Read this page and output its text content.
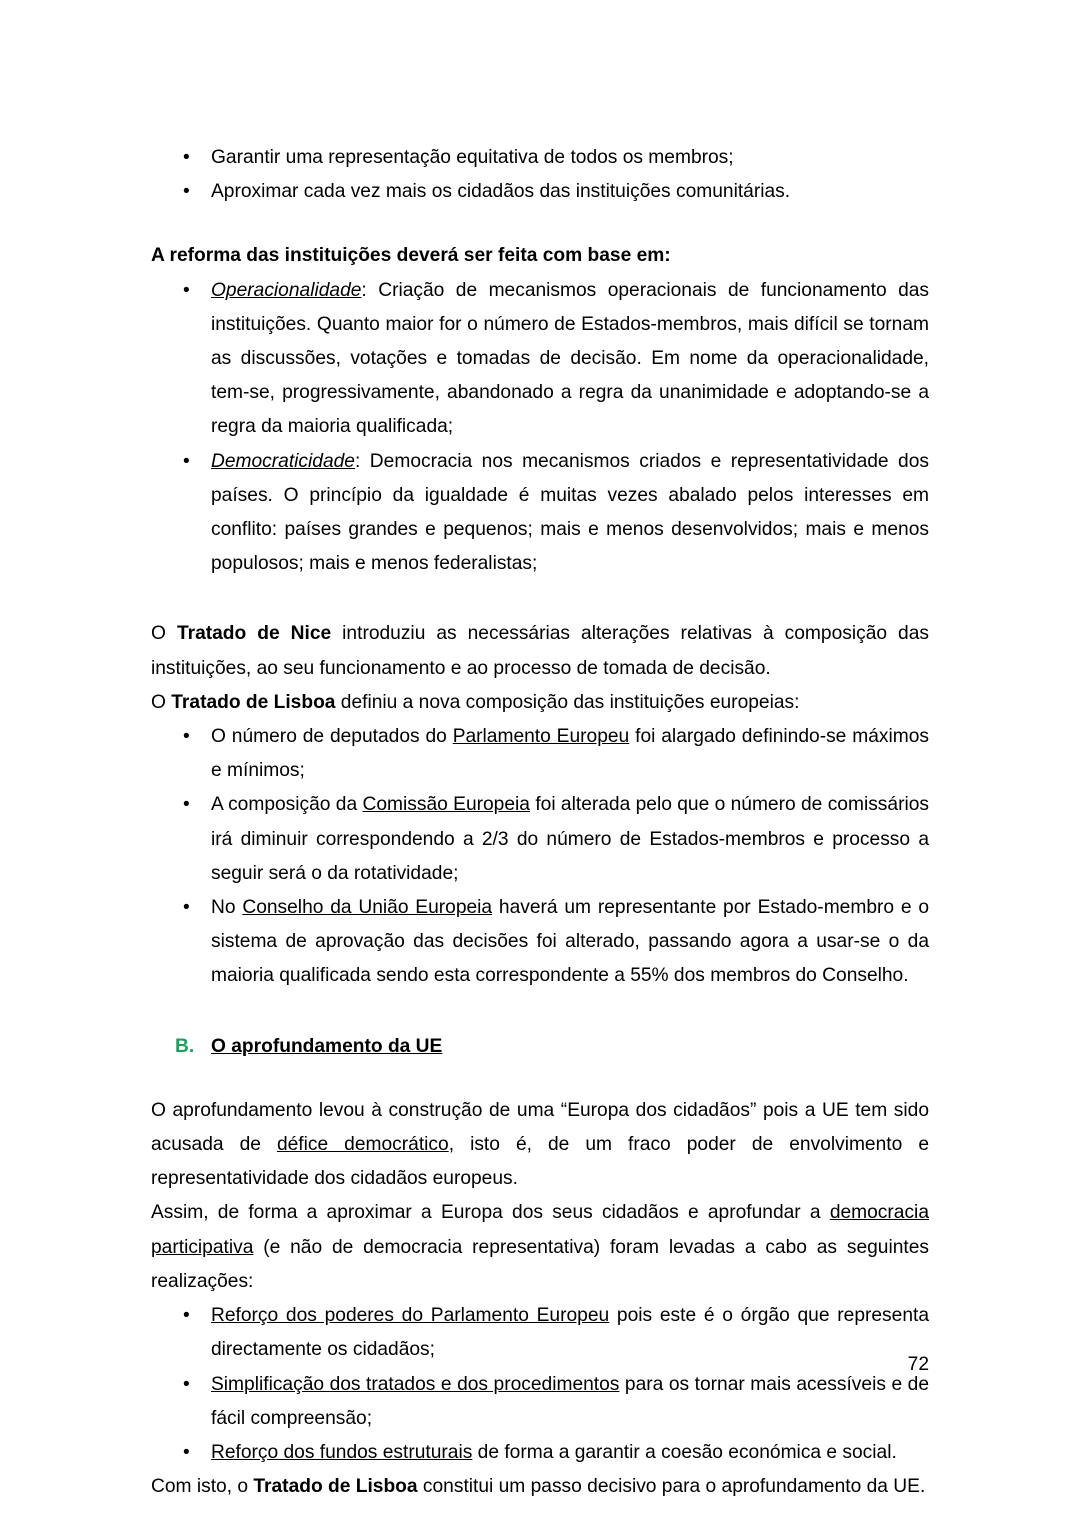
• Garantir uma representação equitativa de todos os membros;
• Aproximar cada vez mais os cidadãos das instituições comunitárias.

A reforma das instituições deverá ser feita com base em:

• Operacionalidade: Criação de mecanismos operacionais de funcionamento das instituições. Quanto maior for o número de Estados-membros, mais difícil se tornam as discussões, votações e tomadas de decisão. Em nome da operacionalidade, tem-se, progressivamente, abandonado a regra da unanimidade e adoptando-se a regra da maioria qualificada;
• Democraticidade: Democracia nos mecanismos criados e representatividade dos países. O princípio da igualdade é muitas vezes abalado pelos interesses em conflito: países grandes e pequenos; mais e menos desenvolvidos; mais e menos populosos; mais e menos federalistas;

O Tratado de Nice introduziu as necessárias alterações relativas à composição das instituições, ao seu funcionamento e ao processo de tomada de decisão.

O Tratado de Lisboa definiu a nova composição das instituições europeias:

• O número de deputados do Parlamento Europeu foi alargado definindo-se máximos e mínimos;
• A composição da Comissão Europeia foi alterada pelo que o número de comissários irá diminuir correspondendo a 2/3 do número de Estados-membros e processo a seguir será o da rotatividade;
• No Conselho da União Europeia haverá um representante por Estado-membro e o sistema de aprovação das decisões foi alterado, passando agora a usar-se o da maioria qualificada sendo esta correspondente a 55% dos membros do Conselho.
B. O aprofundamento da UE

O aprofundamento levou à construção de uma “Europa dos cidadãos” pois a UE tem sido acusada de défice democrático, isto é, de um fraco poder de envolvimento e representatividade dos cidadãos europeus.

Assim, de forma a aproximar a Europa dos seus cidadãos e aprofundar a democracia participativa (e não de democracia representativa) foram levadas a cabo as seguintes realizações:

• Reforço dos poderes do Parlamento Europeu pois este é o órgão que representa directamente os cidadãos;
• Simplificação dos tratados e dos procedimentos para os tornar mais acessíveis e de fácil compreensão;
• Reforço dos fundos estruturais de forma a garantir a coesão económica e social.

Com isto, o Tratado de Lisboa constitui um passo decisivo para o aprofundamento da UE.

72
